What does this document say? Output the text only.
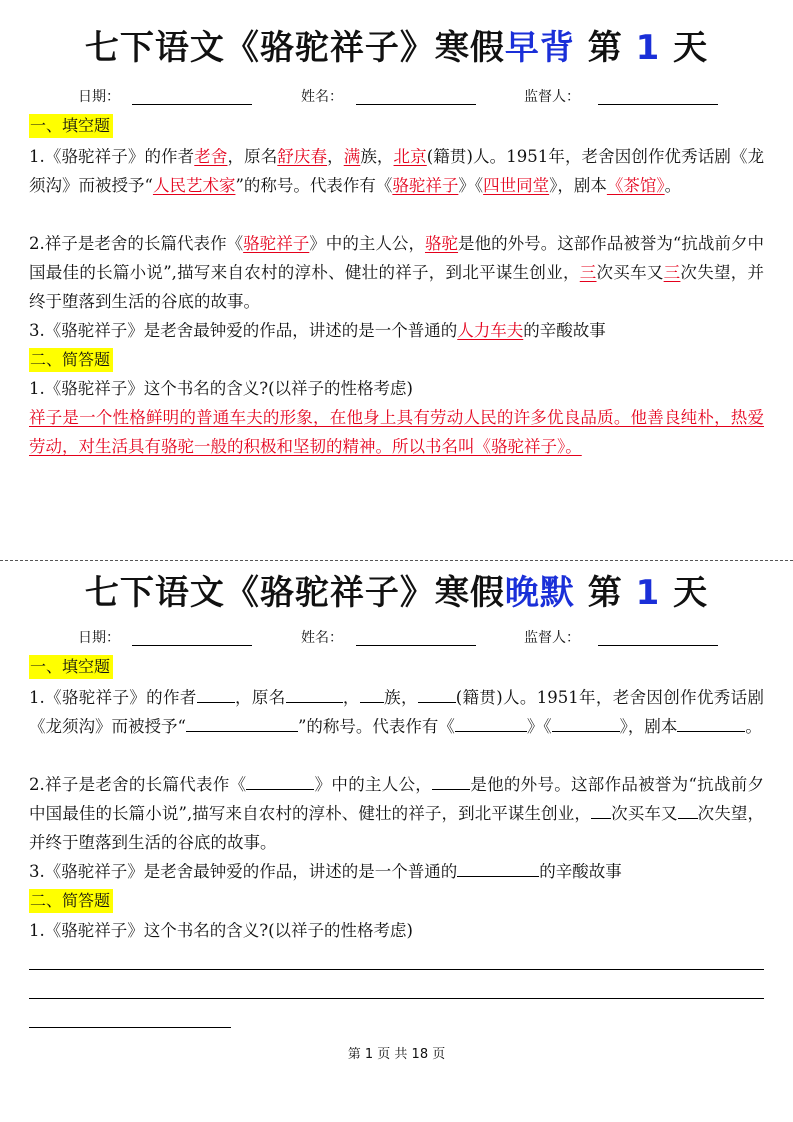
七下语文《骆驼祥子》寒假早背 第 1 天
日期：	姓名：	监督人：
一、填空题
1.《骆驼祥子》的作者老舍，原名舒庆春，满族，北京(籍贯)人。1951年，老舍因创作优秀话剧《龙须沟》而被授予“人民艺术家”的称号。代表作有《骆驼祥子》《四世同堂》，剧本《茶馆》。
2.祥子是老舍的长篇代表作《骆驼祥子》中的主人公，骆驼是他的外号。这部作品被誉为“抗战前夕中国最佳的长篇小说”,描写来自农村的淳朴、健壮的祥子，到北平谋生创业，三次买车又三次失望，并终于堕落到生活的谷底的故事。
3.《骆驼祥子》是老舍最钟爱的作品，讲述的是一个普通的人力车夫的辛酸故事
二、简答题
1.《骆驼祥子》这个书名的含义?(以祥子的性格考虑)
祥子是一个性格鲜明的普通车夫的形象，在他身上具有劳动人民的许多优良品质。他善良纯朴，热爱劳动，对生活具有骆驼一般的积极和坚韧的精神。所以书名叫《骆驼祥子》。
七下语文《骆驼祥子》寒假晚默 第 1 天
日期：	姓名：	监督人：
一、填空题
1.《骆驼祥子》的作者 ，原名	， 族， (籍贯)人。1951年，老舍因创作优秀话剧《龙须沟》而被授予“	”的称号。代表作有《	》《	》，剧本	。
2.祥子是老舍的长篇代表作《	》中的主人公， 是他的外号。这部作品被誉为“抗战前夕中国最佳的长篇小说”,描写来自农村的淳朴、健壮的祥子，到北平谋生创业， 次买车又 次失望，并终于堕落到生活的谷底的故事。
3.《骆驼祥子》是老舍最钟爱的作品，讲述的是一个普通的	的辛酸故事
二、简答题
1.《骆驼祥子》这个书名的含义?(以祥子的性格考虑)
第 1 页 共 18 页
